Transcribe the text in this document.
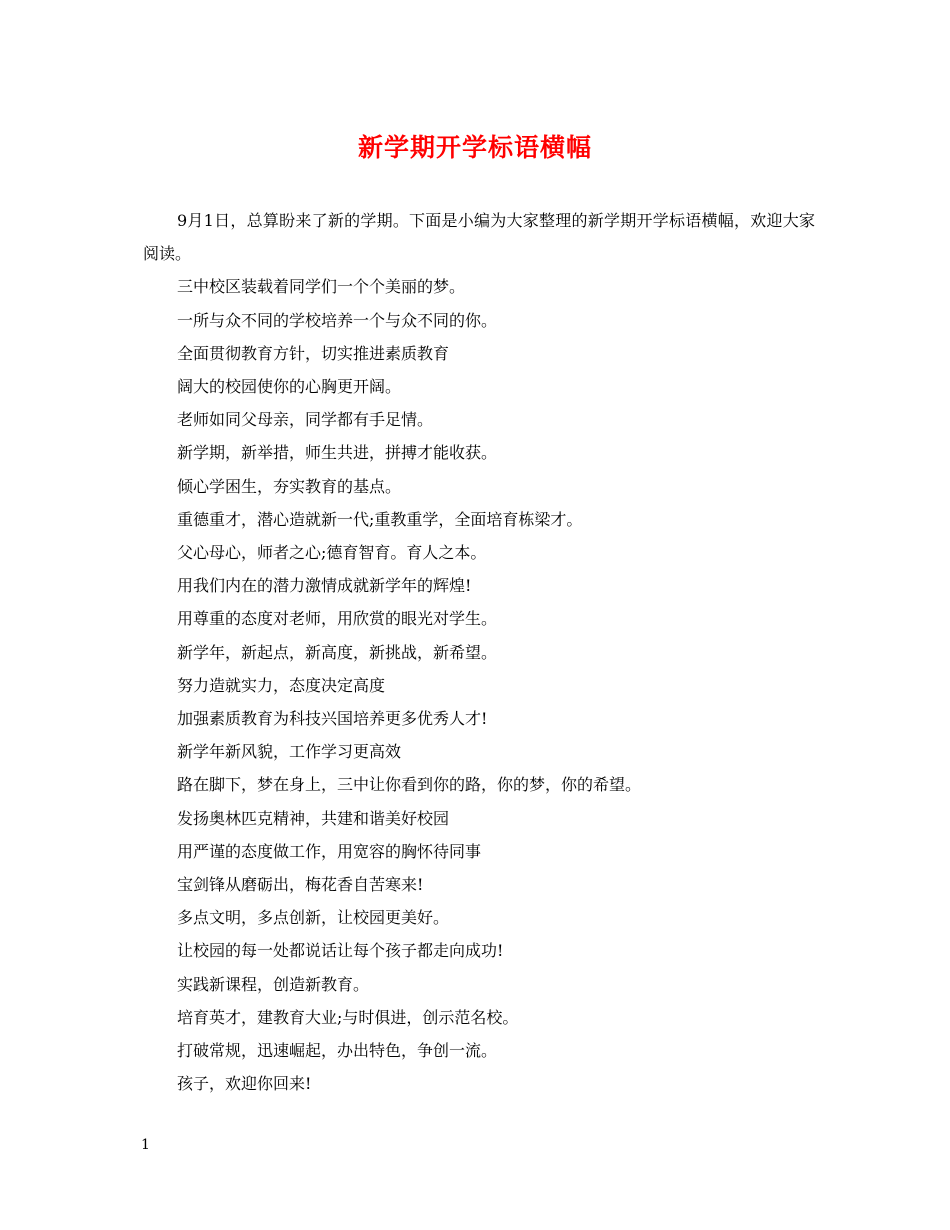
新学期开学标语横幅

9月1日，总算盼来了新的学期。下面是小编为大家整理的新学期开学标语横幅，欢迎大家阅读。

三中校区装载着同学们一个个美丽的梦。

一所与众不同的学校培养一个与众不同的你。

全面贯彻教育方针，切实推进素质教育

阔大的校园使你的心胸更开阔。

老师如同父母亲，同学都有手足情。

新学期，新举措，师生共进，拼搏才能收获。

倾心学困生，夯实教育的基点。

重德重才，潜心造就新一代;重教重学，全面培育栋梁才。

父心母心，师者之心;德育智育。育人之本。

用我们内在的潜力激情成就新学年的辉煌!

用尊重的态度对老师，用欣赏的眼光对学生。

新学年，新起点，新高度，新挑战，新希望。

努力造就实力，态度决定高度

加强素质教育为科技兴国培养更多优秀人才!

新学年新风貌，工作学习更高效

路在脚下，梦在身上，三中让你看到你的路，你的梦，你的希望。

发扬奥林匹克精神，共建和谐美好校园

用严谨的态度做工作，用宽容的胸怀待同事

宝剑锋从磨砺出，梅花香自苦寒来!

多点文明，多点创新，让校园更美好。

让校园的每一处都说话让每个孩子都走向成功!

实践新课程，创造新教育。

培育英才，建教育大业;与时俱进，创示范名校。

打破常规，迅速崛起，办出特色，争创一流。

孩子，欢迎你回来!

1
